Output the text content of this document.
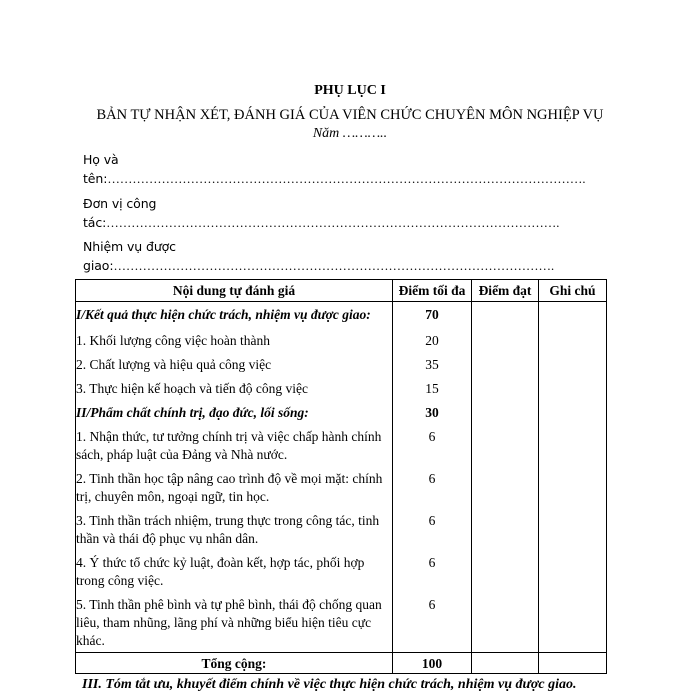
PHỤ LỤC I
BẢN TỰ NHẬN XÉT, ĐÁNH GIÁ CỦA VIÊN CHỨC CHUYÊN MÔN NGHIỆP VỤ
Năm ………..
Họ và
tên:…………………………………………………………………………………………………….
Đơn vị công
tác:……………………………………………………………………………………………….
Nhiệm vụ được
giao:…………………………………………………………………………………………….
Nội dung tự đánh giá	Điểm tối đa	Điểm đạt	Ghi chú
I/Kết quả thực hiện chức trách, nhiệm vụ được giao:	70		
1. Khối lượng công việc hoàn thành	20		
2. Chất lượng và hiệu quả công việc	35		
3. Thực hiện kế hoạch và tiến độ công việc	15		
II/Phẩm chất chính trị, đạo đức, lối sống:	30		
1. Nhận thức, tư tưởng chính trị và việc chấp hành chính sách, pháp luật của Đảng và Nhà nước.	6		
2. Tinh thần học tập nâng cao trình độ về mọi mặt: chính trị, chuyên môn, ngoại ngữ, tin học.	6		
3. Tinh thần trách nhiệm, trung thực trong công tác, tinh thần và thái độ phục vụ nhân dân.	6		
4. Ý thức tổ chức kỷ luật, đoàn kết, hợp tác, phối hợp trong công việc.	6		
5. Tinh thần phê bình và tự phê bình, thái độ chống quan liêu, tham nhũng, lãng phí và những biểu hiện tiêu cực khác.	6		
Tổng cộng:	100		
III. Tóm tắt ưu, khuyết điểm chính về việc thực hiện chức trách, nhiệm vụ được giao.
